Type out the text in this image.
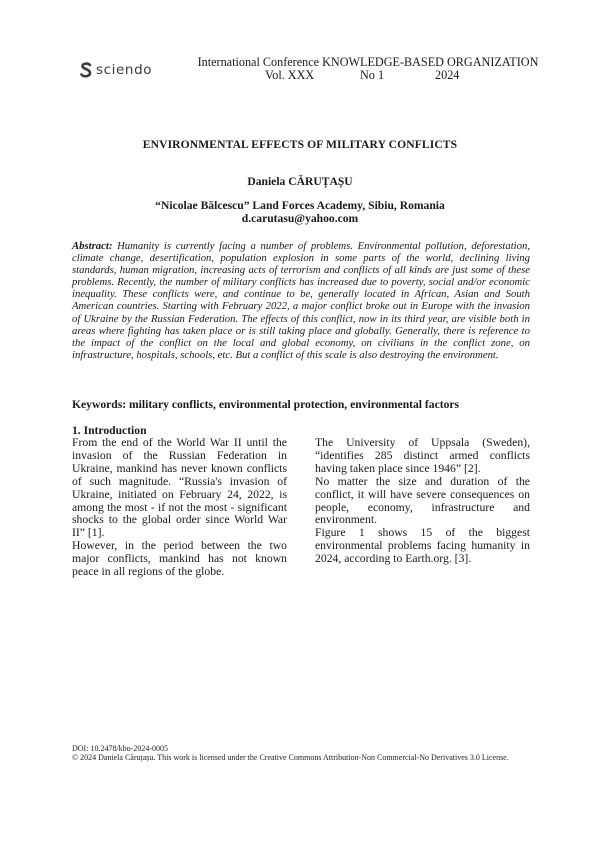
sciendo	International Conference KNOWLEDGE-BASED ORGANIZATION
Vol. XXX	No 1	2024
ENVIRONMENTAL EFFECTS OF MILITARY CONFLICTS
Daniela CĂRUȚAȘU
“Nicolae Bălcescu” Land Forces Academy, Sibiu, Romania
d.carutasu@yahoo.com
Abstract: Humanity is currently facing a number of problems. Environmental pollution, deforestation, climate change, desertification, population explosion in some parts of the world, declining living standards, human migration, increasing acts of terrorism and conflicts of all kinds are just some of these problems. Recently, the number of military conflicts has increased due to poverty, social and/or economic inequality. These conflicts were, and continue to be, generally located in African, Asian and South American countries. Starting with February 2022, a major conflict broke out in Europe with the invasion of Ukraine by the Russian Federation. The effects of this conflict, now in its third year, are visible both in areas where fighting has taken place or is still taking place and globally. Generally, there is reference to the impact of the conflict on the local and global economy, on civilians in the conflict zone, on infrastructure, hospitals, schools, etc. But a conflict of this scale is also destroying the environment.
Keywords: military conflicts, environmental protection, environmental factors
1. Introduction

From the end of the World War II until the invasion of the Russian Federation in Ukraine, mankind has never known conflicts of such magnitude. “Russia's invasion of Ukraine, initiated on February 24, 2022, is among the most - if not the most - significant shocks to the global order since World War II” [1].

However, in the period between the two major conflicts, mankind has not known peace in all regions of the globe.

The University of Uppsala (Sweden), “identifies 285 distinct armed conflicts having taken place since 1946” [2].

No matter the size and duration of the conflict, it will have severe consequences on people, economy, infrastructure and environment.

Figure 1 shows 15 of the biggest environmental problems facing humanity in 2024, according to Earth.org. [3].

DOI: 10.2478/kbo-2024-0005
© 2024 Daniela Căruțașu. This work is licensed under the Creative Commons Attribution-Non Commercial-No Derivatives 3.0 License.
